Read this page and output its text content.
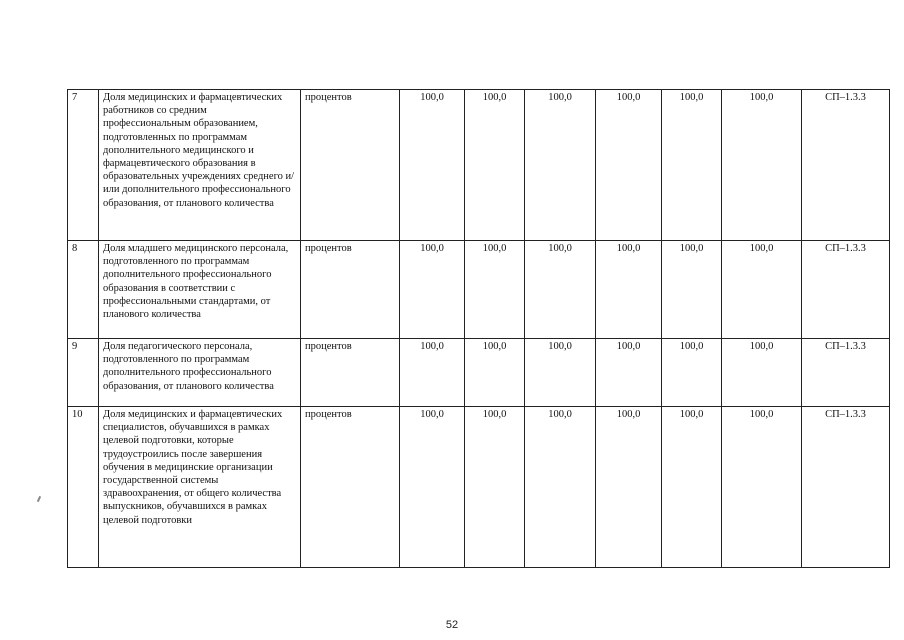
7	Доля медицинских и фармацевтических работников со средним профессиональным образованием, подготовленных по программам дополнительного медицинского и фармацевтического образования в образовательных учреждениях среднего и/или дополнительного профессионального образования, от планового количества	процентов	100,0	100,0	100,0	100,0	100,0	100,0	СП–1.3.3
8	Доля младшего медицинского персонала, подготовленного по программам дополнительного профессионального образования в соответствии с профессиональными стандартами, от планового количества	процентов	100,0	100,0	100,0	100,0	100,0	100,0	СП–1.3.3
9	Доля педагогического персонала, подготовленного по программам дополнительного профессионального образования, от планового количества	процентов	100,0	100,0	100,0	100,0	100,0	100,0	СП–1.3.3
10	Доля медицинских и фармацевтических специалистов, обучавшихся в рамках целевой подготовки, которые трудоустроились после завершения обучения в медицинские организации государственной системы здравоохранения, от общего количества выпускников, обучавшихся в рамках целевой подготовки	процентов	100,0	100,0	100,0	100,0	100,0	100,0	СП–1.3.3
52
